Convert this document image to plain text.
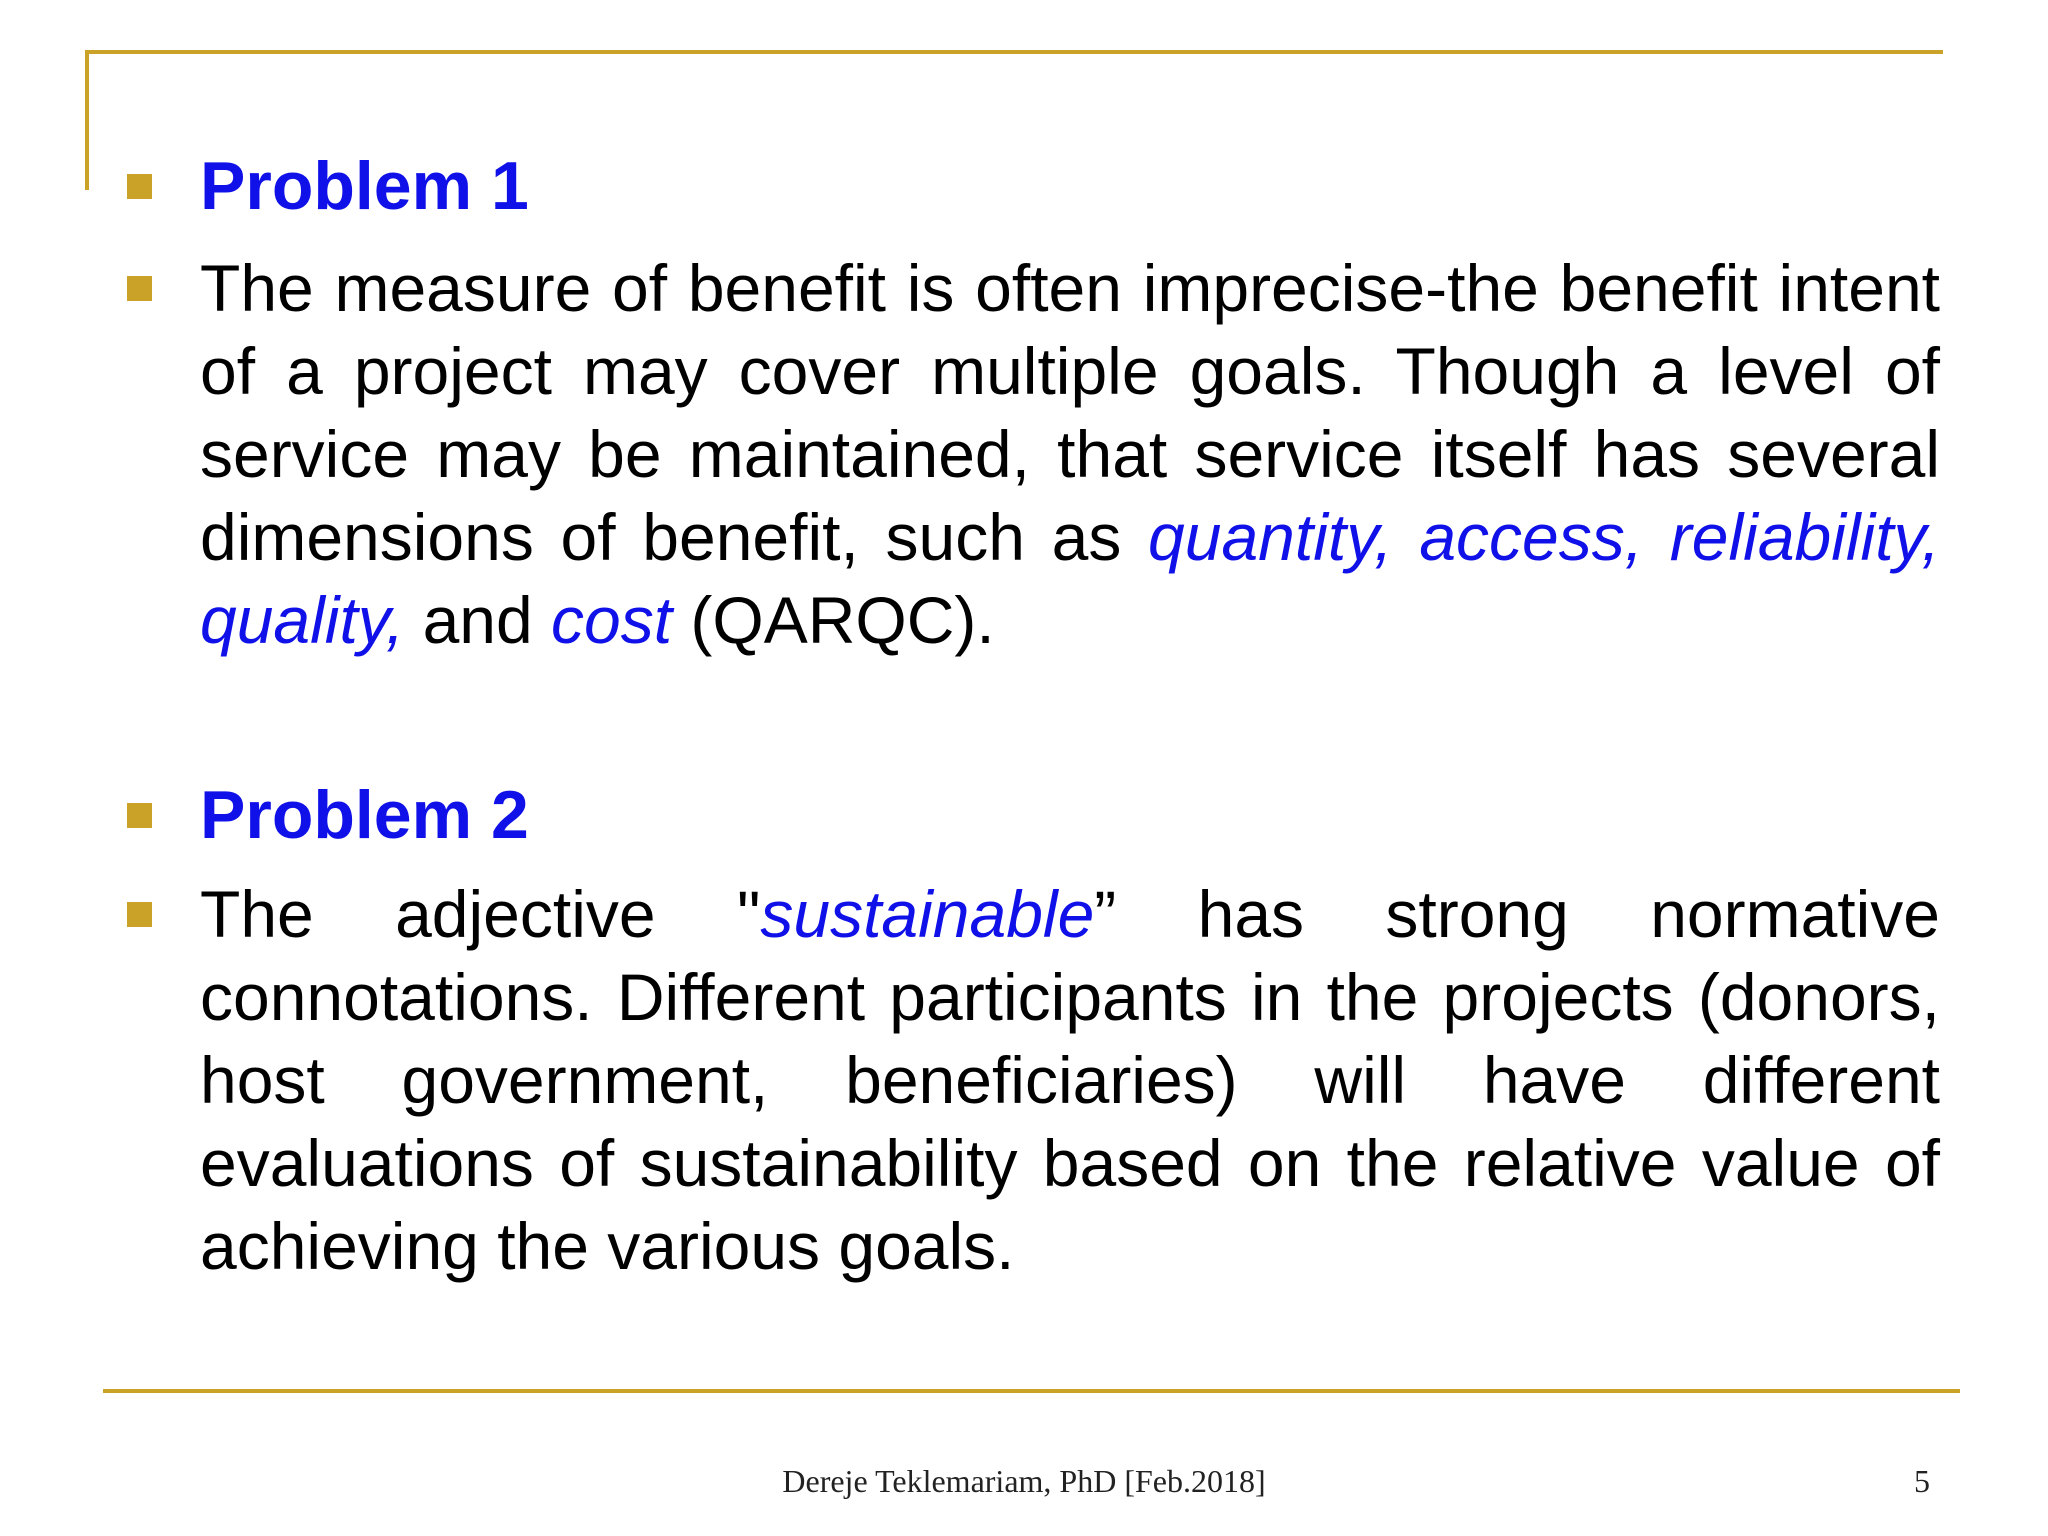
Problem 1
The measure of benefit is often imprecise-the benefit intent of a project may cover multiple goals. Though a level of service may be maintained, that service itself has several dimensions of benefit, such as quantity, access, reliability, quality, and cost (QARQC).
Problem 2
The adjective "sustainable” has strong normative connotations. Different participants in the projects (donors, host government, beneficiaries) will have different evaluations of sustainability based on the relative value of achieving the various goals.
Dereje Teklemariam, PhD [Feb.2018]	5
